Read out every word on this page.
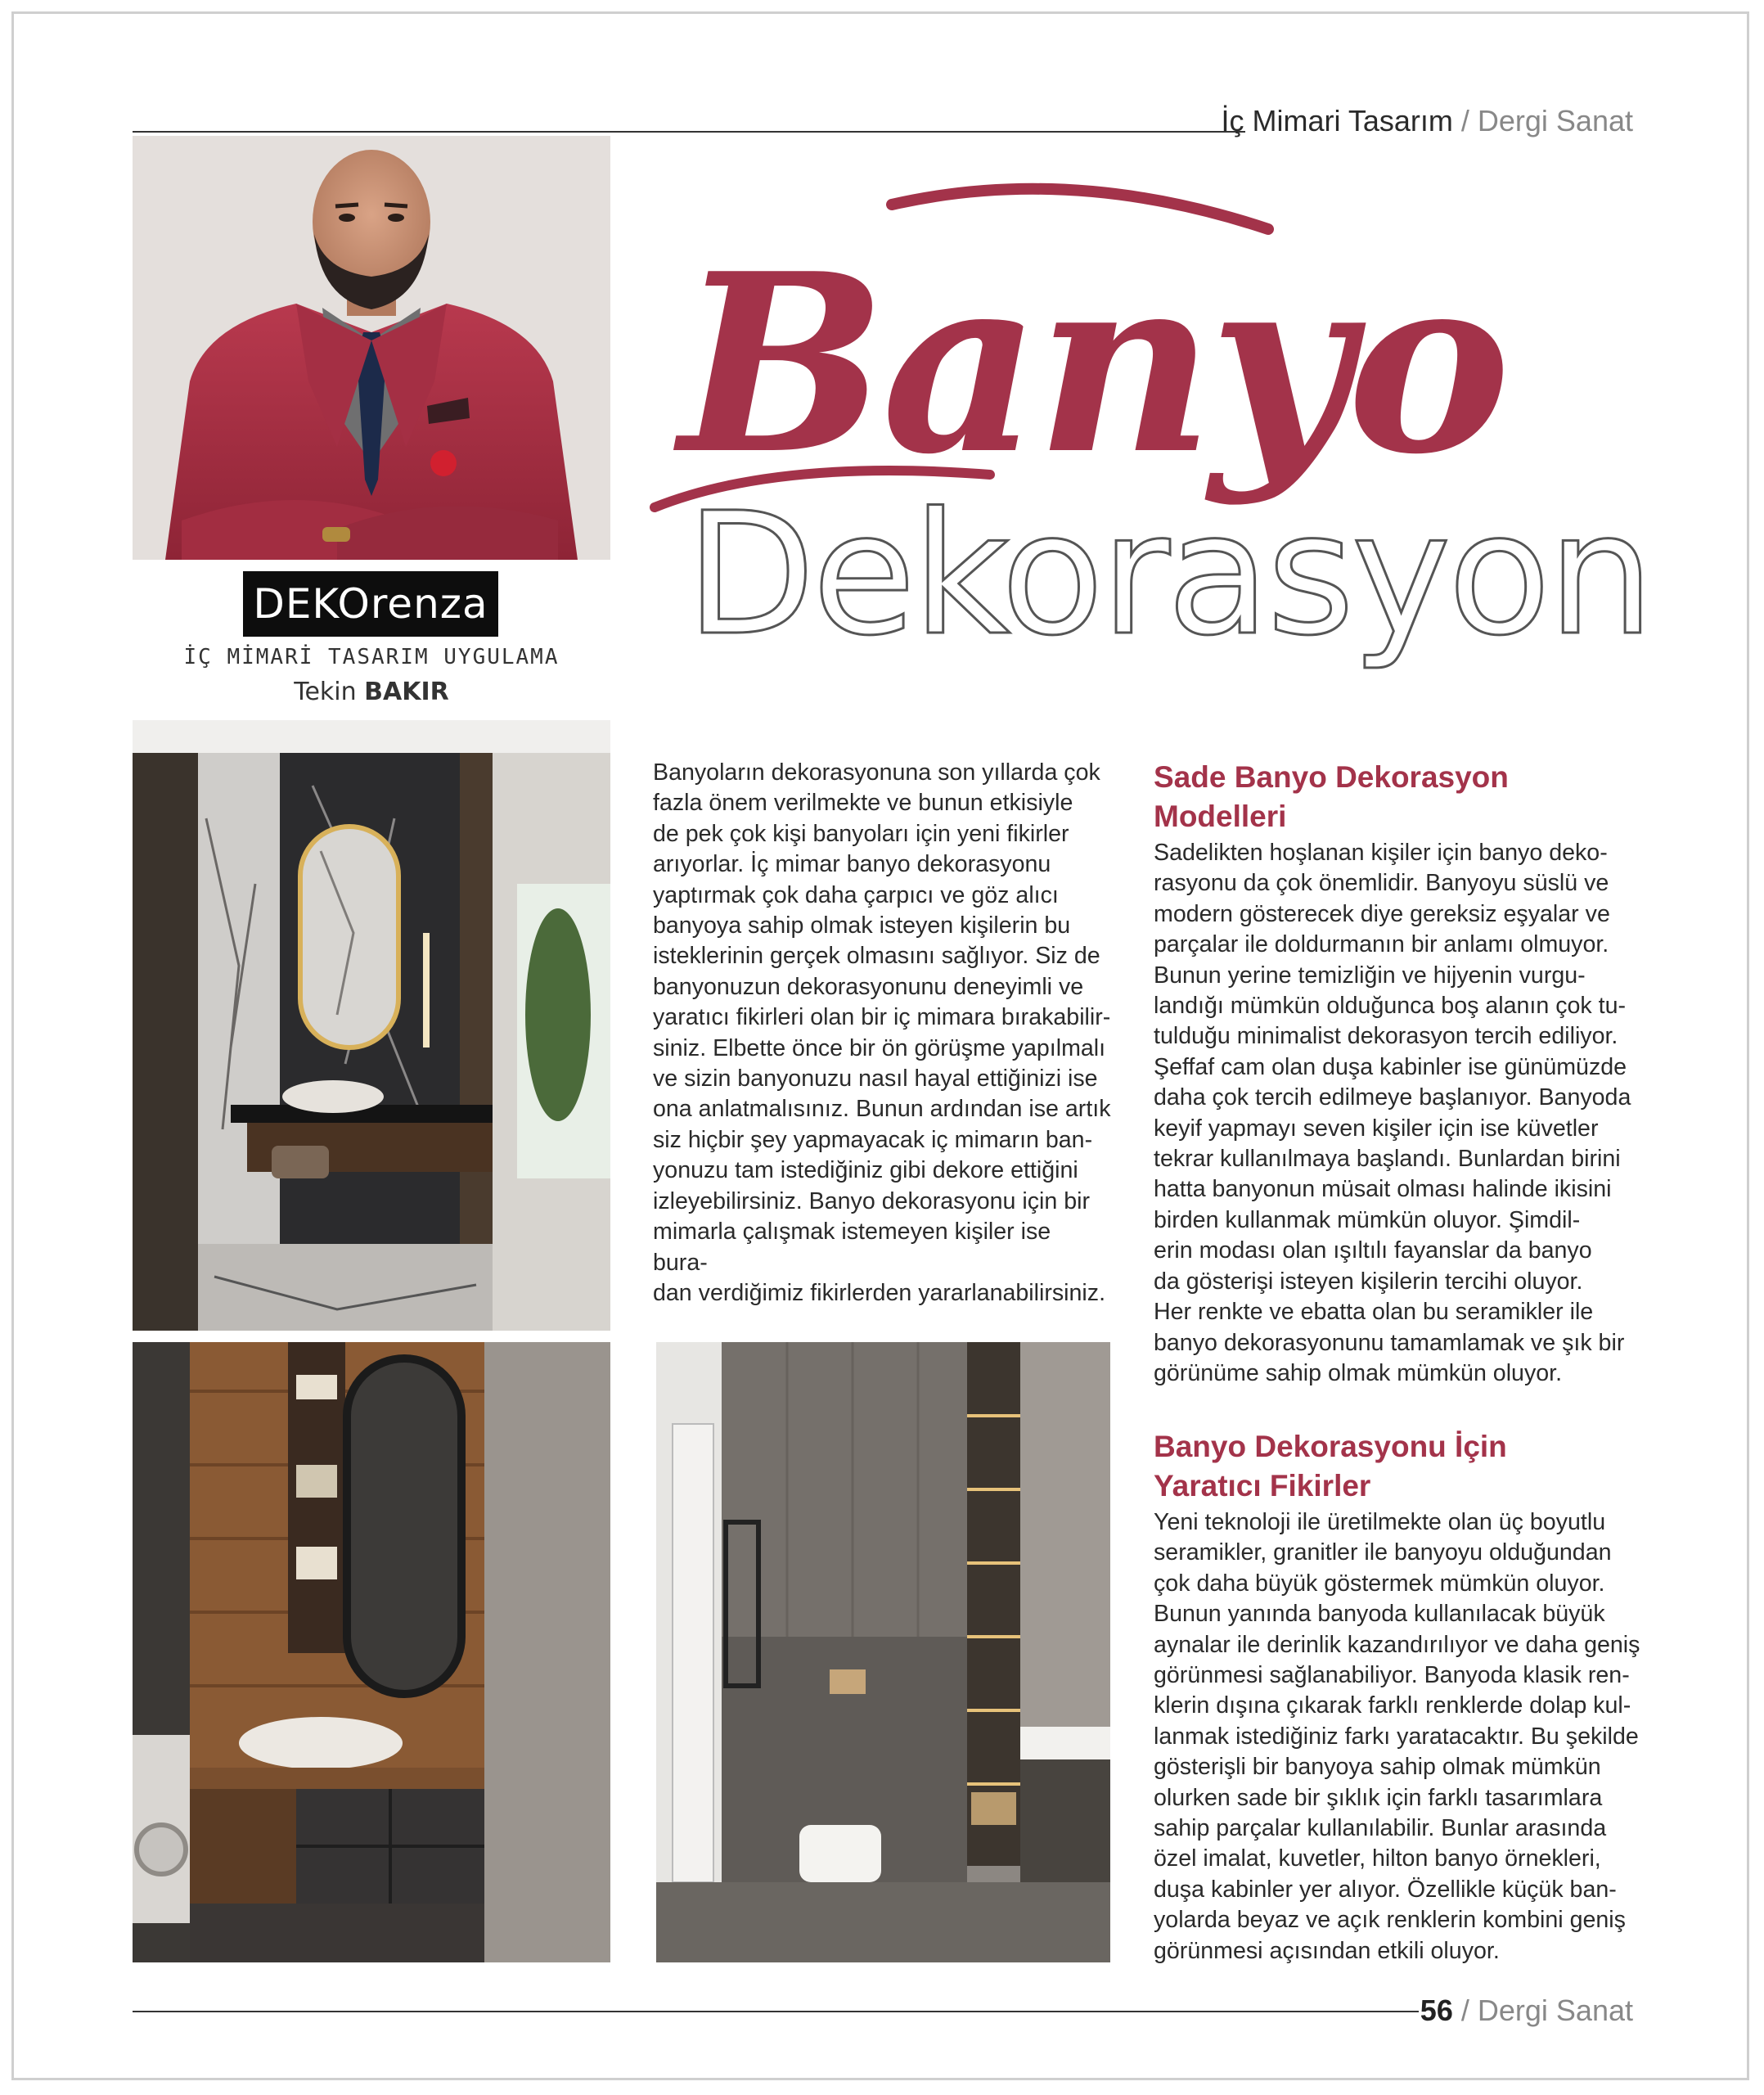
İç Mimari Tasarım / Dergi Sanat
DEKOrenza
İÇ MİMARİ TASARIM UYGULAMA
Tekin BAKIR
Banyo
Dekorasyon

Banyoların dekorasyonuna son yıllarda çok
fazla önem verilmekte ve bunun etkisiyle
de pek çok kişi banyoları için yeni fikirler
arıyorlar. İç mimar banyo dekorasyonu
yaptırmak çok daha çarpıcı ve göz alıcı
banyoya sahip olmak isteyen kişilerin bu
isteklerinin gerçek olmasını sağlıyor. Siz de
banyonuzun dekorasyonunu deneyimli ve
yaratıcı fikirleri olan bir iç mimara bırakabilir-
siniz. Elbette önce bir ön görüşme yapılmalı
ve sizin banyonuzu nasıl hayal ettiğinizi ise
ona anlatmalısınız. Bunun ardından ise artık
siz hiçbir şey yapmayacak iç mimarın ban-
yonuzu tam istediğiniz gibi dekore ettiğini
izleyebilirsiniz. Banyo dekorasyonu için bir
mimarla çalışmak istemeyen kişiler ise bura-
dan verdiğimiz fikirlerden yararlanabilirsiniz.

Sade Banyo Dekorasyon
Modelleri

Sadelikten hoşlanan kişiler için banyo deko-
rasyonu da çok önemlidir. Banyoyu süslü ve
modern gösterecek diye gereksiz eşyalar ve
parçalar ile doldurmanın bir anlamı olmuyor.
Bunun yerine temizliğin ve hijyenin vurgu-
landığı mümkün olduğunca boş alanın çok tu-
tulduğu minimalist dekorasyon tercih ediliyor.
Şeffaf cam olan duşa kabinler ise günümüzde
daha çok tercih edilmeye başlanıyor. Banyoda
keyif yapmayı seven kişiler için ise küvetler
tekrar kullanılmaya başlandı. Bunlardan birini
hatta banyonun müsait olması halinde ikisini
birden kullanmak mümkün oluyor. Şimdil-
erin modası olan ışıltılı fayanslar da banyo
da gösterişi isteyen kişilerin tercihi oluyor.
Her renkte ve ebatta olan bu seramikler ile
banyo dekorasyonunu tamamlamak ve şık bir
görünüme sahip olmak mümkün oluyor.

Banyo Dekorasyonu İçin
Yaratıcı Fikirler

Yeni teknoloji ile üretilmekte olan üç boyutlu
seramikler, granitler ile banyoyu olduğundan
çok daha büyük göstermek mümkün oluyor.
Bunun yanında banyoda kullanılacak büyük
aynalar ile derinlik kazandırılıyor ve daha geniş
görünmesi sağlanabiliyor. Banyoda klasik ren-
klerin dışına çıkarak farklı renklerde dolap kul-
lanmak istediğiniz farkı yaratacaktır. Bu şekilde
gösterişli bir banyoya sahip olmak mümkün
olurken sade bir şıklık için farklı tasarımlara
sahip parçalar kullanılabilir. Bunlar arasında
özel imalat, kuvetler, hilton banyo örnekleri,
duşa kabinler yer alıyor. Özellikle küçük ban-
yolarda beyaz ve açık renklerin kombini geniş
görünmesi açısından etkili oluyor.

56 / Dergi Sanat
